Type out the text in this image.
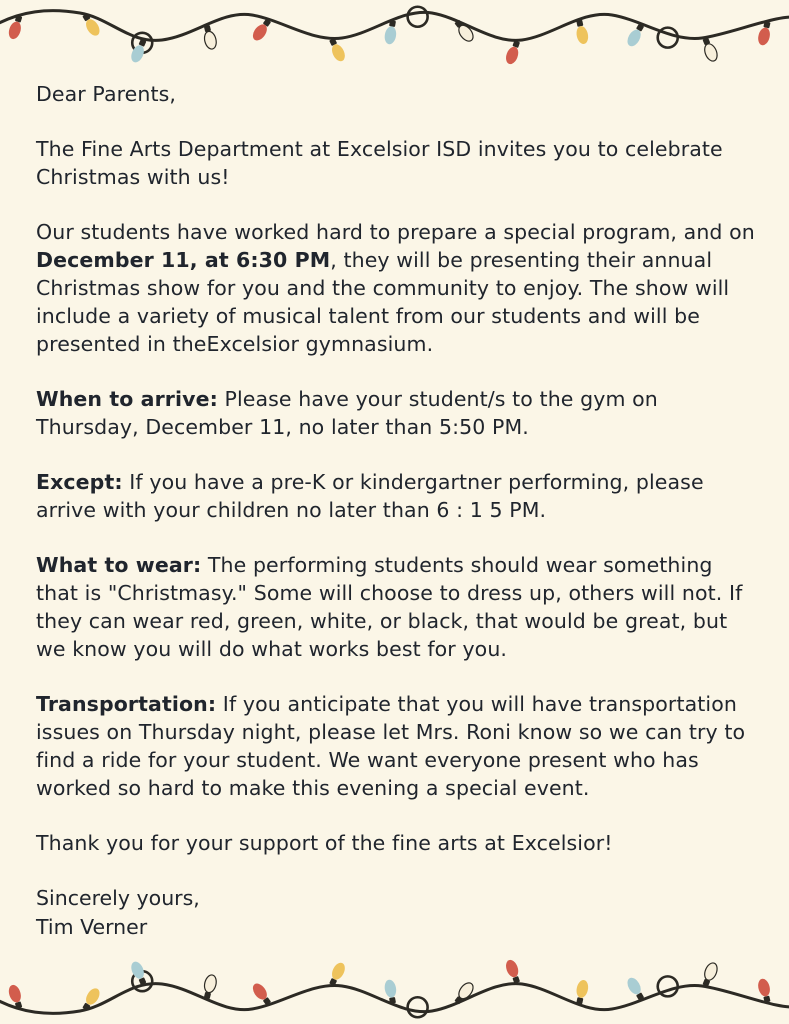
Dear Parents,

The Fine Arts Department at Excelsior ISD invites you to celebrate Christmas with us!

Our students have worked hard to prepare a special program, and on December 11, at 6:30 PM, they will be presenting their annual Christmas show for you and the community to enjoy. The show will include a variety of musical talent from our students and will be presented in theExcelsior gymnasium.

When to arrive: Please have your student/s to the gym on Thursday, December 11, no later than 5:50 PM.

Except: If you have a pre-K or kindergartner performing, please arrive with your children no later than 6 : 1 5 PM.

What to wear: The performing students should wear something that is "Christmasy." Some will choose to dress up, others will not. If they can wear red, green, white, or black, that would be great, but we know you will do what works best for you.

Transportation: If you anticipate that you will have transportation issues on Thursday night, please let Mrs. Roni know so we can try to find a ride for your student. We want everyone present who has worked so hard to make this evening a special event.

Thank you for your support of the fine arts at Excelsior!

Sincerely yours,
Tim Verner
